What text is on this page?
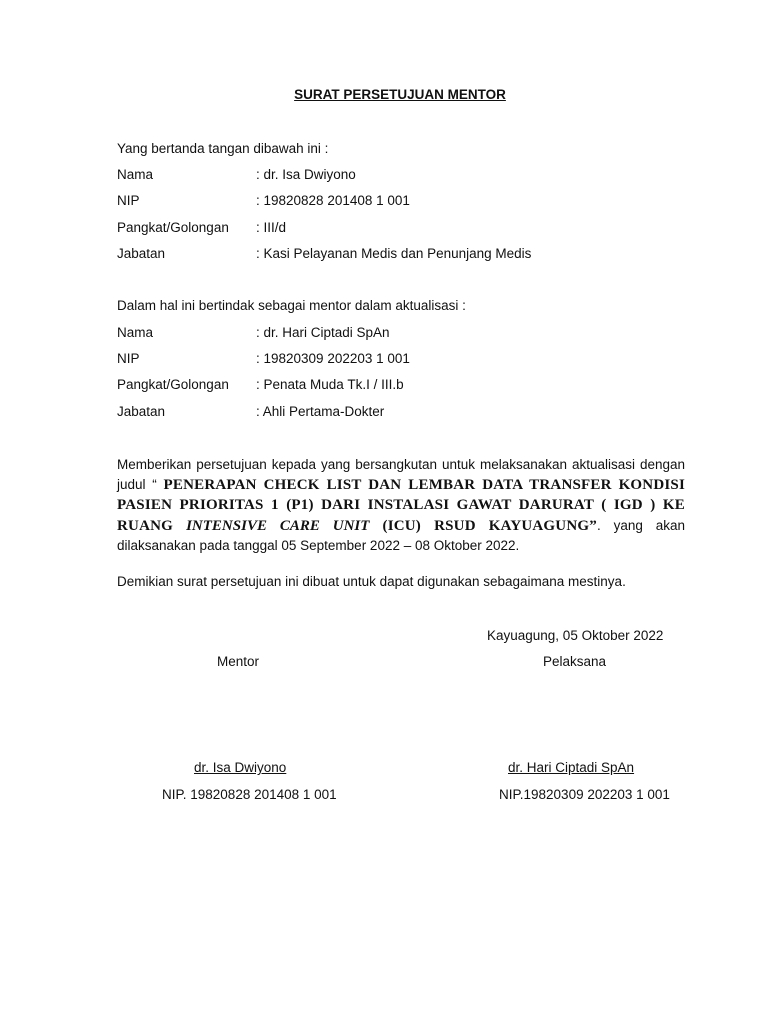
SURAT PERSETUJUAN MENTOR
Yang bertanda tangan dibawah ini :
Nama	: dr. Isa Dwiyono
NIP	: 19820828 201408 1 001
Pangkat/Golongan : III/d
Jabatan	: Kasi Pelayanan Medis dan Penunjang Medis
Dalam hal ini bertindak sebagai mentor dalam aktualisasi :
Nama	: dr. Hari Ciptadi SpAn
NIP	: 19820309 202203 1 001
Pangkat/Golongan : Penata Muda Tk.I / III.b
Jabatan	: Ahli Pertama-Dokter
Memberikan persetujuan kepada yang bersangkutan untuk melaksanakan aktualisasi dengan judul “ PENERAPAN CHECK LIST DAN LEMBAR DATA TRANSFER KONDISI PASIEN PRIORITAS 1 (P1) DARI INSTALASI GAWAT DARURAT ( IGD ) KE RUANG INTENSIVE CARE UNIT (ICU) RSUD KAYUAGUNG”. yang akan dilaksanakan pada tanggal 05 September 2022 – 08 Oktober 2022.
Demikian surat persetujuan ini dibuat untuk dapat digunakan sebagaimana mestinya.
Kayuagung, 05 Oktober 2022
Mentor	Pelaksana
dr. Isa Dwiyono	dr. Hari Ciptadi SpAn
NIP. 19820828 201408 1 001	NIP.19820309 202203 1 001
